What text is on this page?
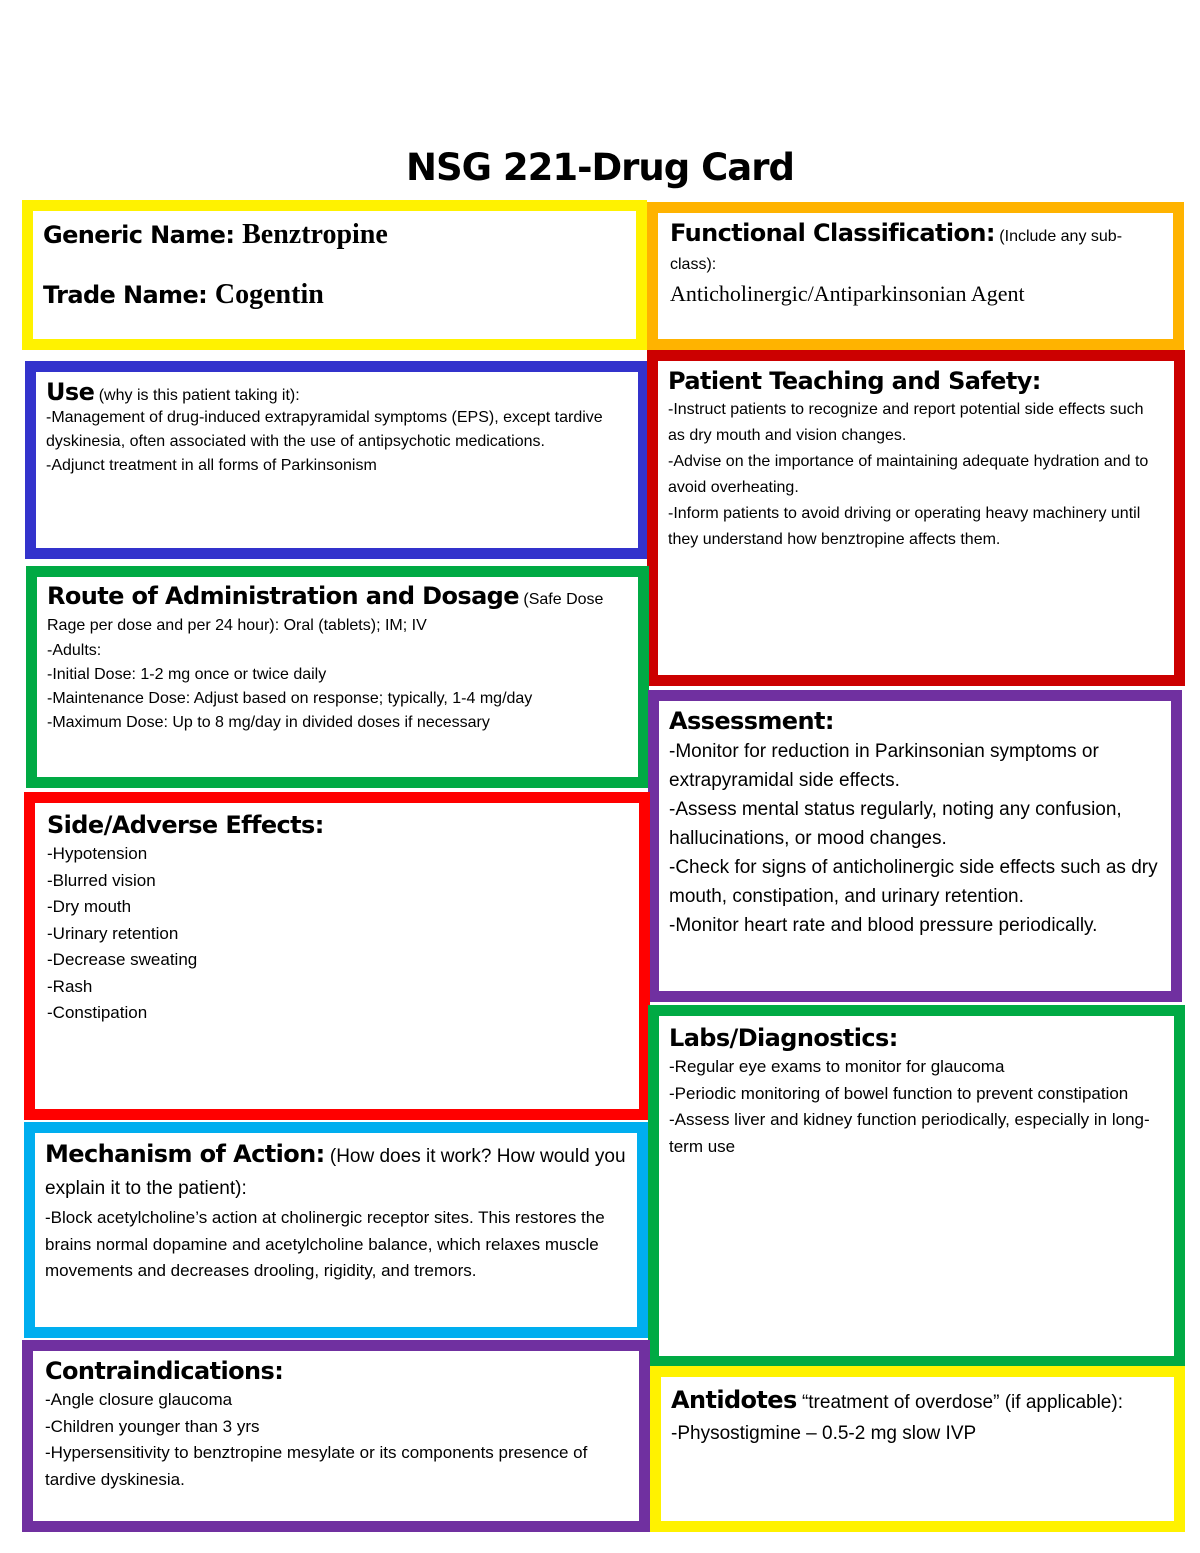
NSG 221-Drug Card
Generic Name: Benztropine
Trade Name: Cogentin
Functional Classification: (Include any sub-class):
Anticholinergic/Antiparkinsonian Agent
Use (why is this patient taking it):
-Management of drug-induced extrapyramidal symptoms (EPS), except tardive dyskinesia, often associated with the use of antipsychotic medications.
-Adjunct treatment in all forms of Parkinsonism
Patient Teaching and Safety:
-Instruct patients to recognize and report potential side effects such as dry mouth and vision changes.
-Advise on the importance of maintaining adequate hydration and to avoid overheating.
-Inform patients to avoid driving or operating heavy machinery until they understand how benztropine affects them.
Route of Administration and Dosage (Safe Dose Rage per dose and per 24 hour): Oral (tablets); IM; IV
-Adults:
-Initial Dose: 1-2 mg once or twice daily
-Maintenance Dose: Adjust based on response; typically, 1-4 mg/day
-Maximum Dose: Up to 8 mg/day in divided doses if necessary	Assessment:
-Monitor for reduction in Parkinsonian symptoms or extrapyramidal side effects.
-Assess mental status regularly, noting any confusion, hallucinations, or mood changes.
-Check for signs of anticholinergic side effects such as dry mouth, constipation, and urinary retention.
-Monitor heart rate and blood pressure periodically.
Side/Adverse Effects:
-Hypotension
-Blurred vision
-Dry mouth
-Urinary retention
-Decrease sweating
-Rash
-Constipation
Labs/Diagnostics:
-Regular eye exams to monitor for glaucoma
-Periodic monitoring of bowel function to prevent constipation
-Assess liver and kidney function periodically, especially in long-term use
Mechanism of Action: (How does it work? How would you explain it to the patient):
-Block acetylcholine’s action at cholinergic receptor sites. This restores the brains normal dopamine and acetylcholine balance, which relaxes muscle movements and decreases drooling, rigidity, and tremors.
Contraindications:
-Angle closure glaucoma
-Children younger than 3 yrs
-Hypersensitivity to benztropine mesylate or its components presence of tardive dyskinesia.
Antidotes “treatment of overdose” (if applicable):
-Physostigmine – 0.5-2 mg slow IVP
